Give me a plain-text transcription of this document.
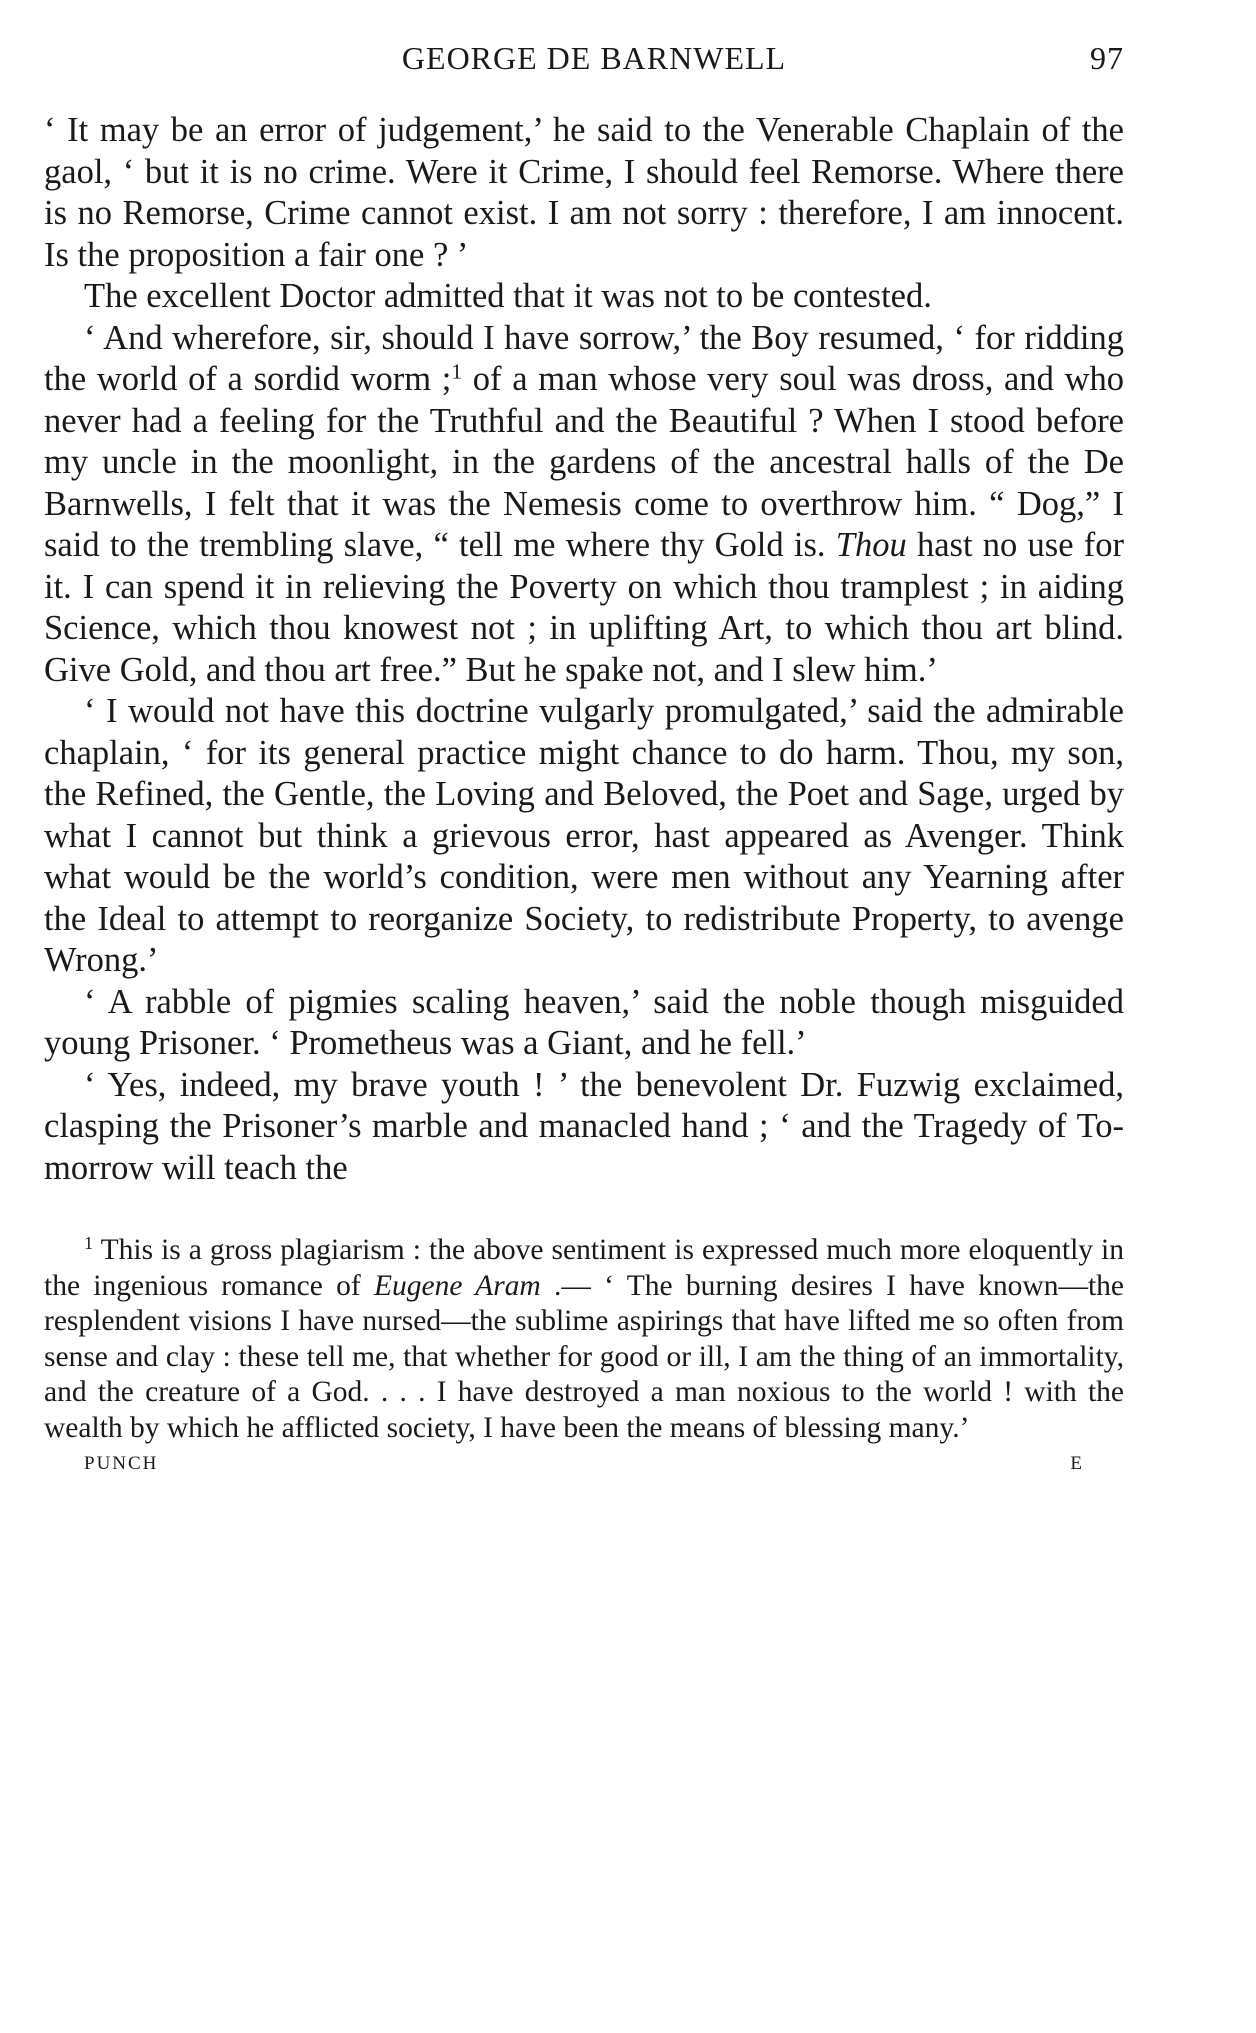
GEORGE DE BARNWELL	97

‘ It may be an error of judgement,’ he said to the Venerable Chaplain of the gaol, ‘ but it is no crime. Were it Crime, I should feel Remorse. Where there is no Remorse, Crime cannot exist. I am not sorry : therefore, I am innocent. Is the proposition a fair one ? ’

The excellent Doctor admitted that it was not to be contested.

‘ And wherefore, sir, should I have sorrow,’ the Boy resumed, ‘ for ridding the world of a sordid worm ;$^1$ of a man whose very soul was dross, and who never had a feeling for the Truthful and the Beautiful ? When I stood before my uncle in the moonlight, in the gardens of the ancestral halls of the De Barnwells, I felt that it was the Nemesis come to overthrow him. “ Dog,” I said to the trembling slave, “ tell me where thy Gold is. Thou hast no use for it. I can spend it in relieving the Poverty on which thou tramplest ; in aiding Science, which thou knowest not ; in uplifting Art, to which thou art blind. Give Gold, and thou art free.” But he spake not, and I slew him.’

‘ I would not have this doctrine vulgarly promulgated,’ said the admirable chaplain, ‘ for its general practice might chance to do harm. Thou, my son, the Refined, the Gentle, the Loving and Beloved, the Poet and Sage, urged by what I cannot but think a grievous error, hast appeared as Avenger. Think what would be the world’s condition, were men without any Yearning after the Ideal to attempt to reorganize Society, to redistribute Property, to avenge Wrong.’

‘ A rabble of pigmies scaling heaven,’ said the noble though misguided young Prisoner. ‘ Prometheus was a Giant, and he fell.’

‘ Yes, indeed, my brave youth ! ’ the benevolent Dr. Fuzwig exclaimed, clasping the Prisoner’s marble and manacled hand ; ‘ and the Tragedy of To-morrow will teach the

$^1$ This is a gross plagiarism : the above sentiment is expressed much more eloquently in the ingenious romance of Eugene Aram .— ‘ The burning desires I have known—the resplendent visions I have nursed—the sublime aspirings that have lifted me so often from sense and clay : these tell me, that whether for good or ill, I am the thing of an immortality, and the creature of a God. . . . I have destroyed a man noxious to the world ! with the wealth by which he afflicted society, I have been the means of blessing many.’

PUNCH	E
